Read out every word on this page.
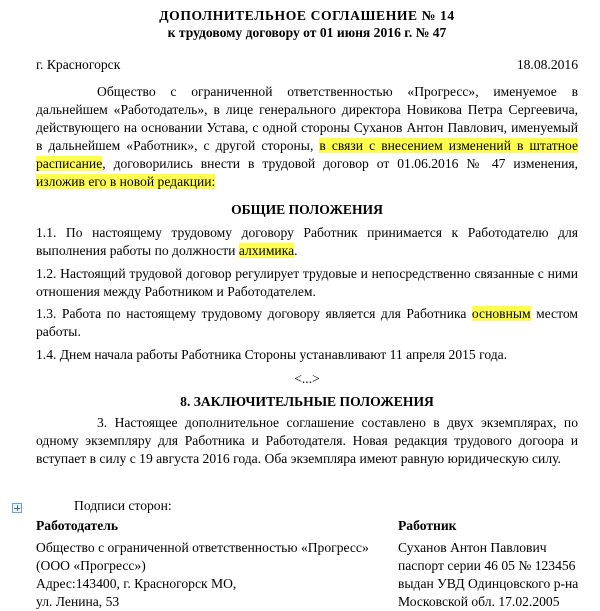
ДОПОЛНИТЕЛЬНОЕ СОГЛАШЕНИЕ № 14
к трудовому договору от 01 июня 2016 г. № 47
г. Красногорск	18.08.2016
Общество с ограниченной ответственностью «Прогресс», именуемое в дальнейшем «Работодатель», в лице генерального директора Новикова Петра Сергеевича, действующего на основании Устава, с одной стороны Суханов Антон Павлович, именуемый в дальнейшем «Работник», с другой стороны, в связи с внесением изменений в штатное расписание, договорились внести в трудовой договор от 01.06.2016 № 47 изменения, изложив его в новой редакции:
ОБЩИЕ ПОЛОЖЕНИЯ
1.1. По настоящему трудовому договору Работник принимается к Работодателю для выполнения работы по должности алхимика.
1.2. Настоящий трудовой договор регулирует трудовые и непосредственно связанные с ними отношения между Работником и Работодателем.
1.3. Работа по настоящему трудовому договору является для Работника основным местом работы.
1.4. Днем начала работы Работника Стороны устанавливают 11 апреля 2015 года.
<...>
8. ЗАКЛЮЧИТЕЛЬНЫЕ ПОЛОЖЕНИЯ
3. Настоящее дополнительное соглашение составлено в двух экземплярах, по одному экземпляру для Работника и Работодателя. Новая редакция трудового догоора и вступает в силу с 19 августа 2016 года. Оба экземпляра имеют равную юридическую силу.
Подписи сторон:

Работодатель

Общество с ограниченной ответственностью «Прогресс»

(ООО «Прогресс»)

Адрес:143400, г. Красногорск МО,

ул. Ленина, 53

Работник

Суханов Антон Павлович

паспорт серии 46 05 № 123456

выдан УВД Одинцовского р-на

Московской обл. 17.02.2005
